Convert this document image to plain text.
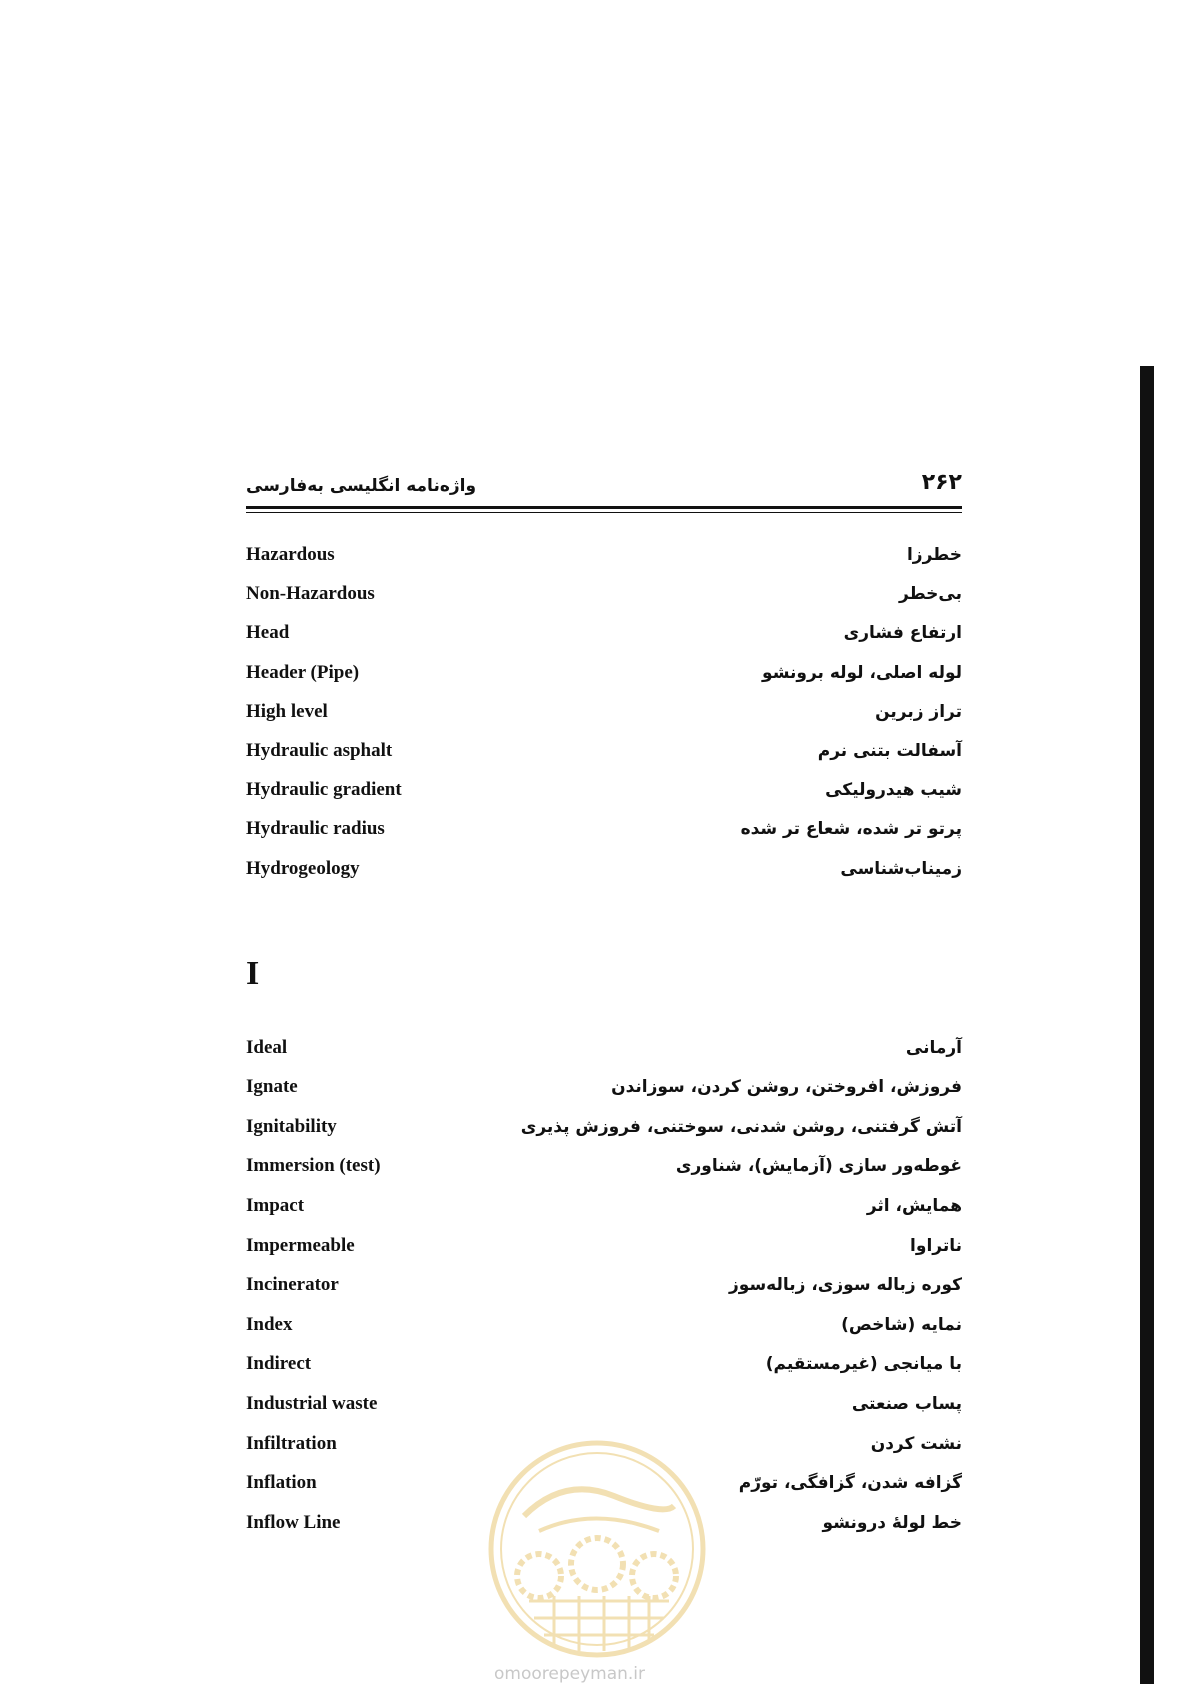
واژه‌نامه انگلیسی به‌فارسی	۲۶۲
Hazardous	خطرزا
Non-Hazardous	بی‌خطر
Head	ارتفاع فشاری
Header (Pipe)	لوله اصلی، لوله برونشو
High level	تراز زبرین
Hydraulic asphalt	آسفالت بتنی نرم
Hydraulic gradient	شیب هیدرولیکی
Hydraulic radius	پرتو تر شده، شعاع تر شده
Hydrogeology	زمیناب‌شناسی
I
Ideal	آرمانی
Ignate	فروزش، افروختن، روشن کردن، سوزاندن
Ignitability	آتش گرفتنی، روشن شدنی، سوختنی، فروزش پذیری
Immersion (test)	غوطه‌ور سازی (آزمایش)، شناوری
Impact	همایش، اثر
Impermeable	ناتراوا
Incinerator	کوره زباله سوزی، زباله‌سوز
Index	نمایه (شاخص)
Indirect	با میانجی (غیرمستقیم)
Industrial waste	پساب صنعتی
Infiltration	نشت کردن
Inflation	گزافه شدن، گزافگی، تورّم
Inflow Line	خط لولهٔ درونشو
omoorepeyman.ir
